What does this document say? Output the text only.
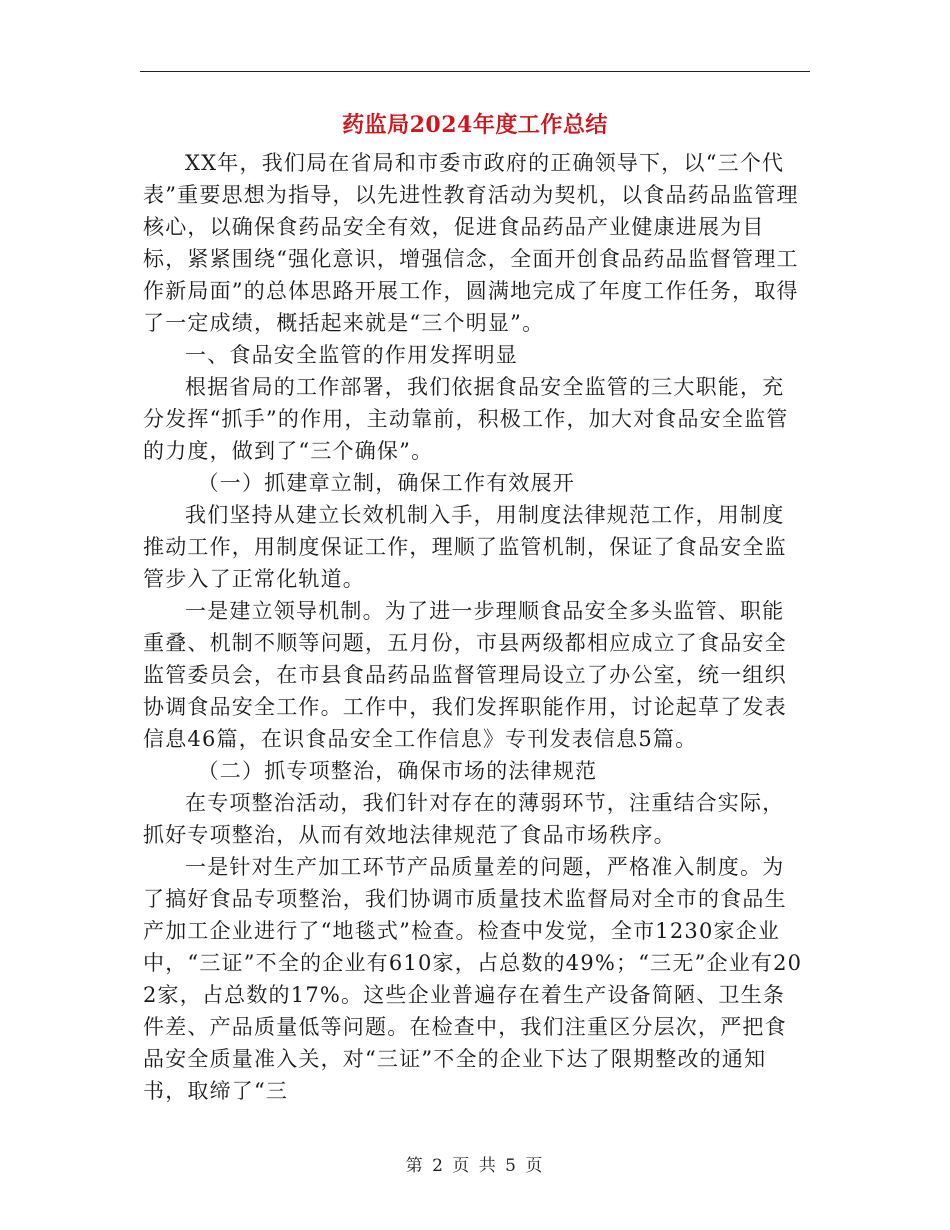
药监局2024年度工作总结

XX年，我们局在省局和市委市政府的正确领导下，以“三个代表”重要思想为指导，以先进性教育活动为契机，以食品药品监管理核心，以确保食药品安全有效，促进食品药品产业健康进展为目标，紧紧围绕“强化意识，增强信念，全面开创食品药品监督管理工作新局面”的总体思路开展工作，圆满地完成了年度工作任务，取得了一定成绩，概括起来就是“三个明显”。

一、食品安全监管的作用发挥明显

根据省局的工作部署，我们依据食品安全监管的三大职能，充分发挥“抓手”的作用，主动靠前，积极工作，加大对食品安全监管的力度，做到了“三个确保”。

（一）抓建章立制，确保工作有效展开

我们坚持从建立长效机制入手，用制度法律规范工作，用制度推动工作，用制度保证工作，理顺了监管机制，保证了食品安全监管步入了正常化轨道。

一是建立领导机制。为了进一步理顺食品安全多头监管、职能重叠、机制不顺等问题，五月份，市县两级都相应成立了食品安全监管委员会，在市县食品药品监督管理局设立了办公室，统一组织协调食品安全工作。工作中，我们发挥职能作用，讨论起草了发表信息46篇，在识食品安全工作信息》专刊发表信息5篇。

（二）抓专项整治，确保市场的法律规范

在专项整治活动，我们针对存在的薄弱环节，注重结合实际，抓好专项整治，从而有效地法律规范了食品市场秩序。

一是针对生产加工环节产品质量差的问题，严格准入制度。为了搞好食品专项整治，我们协调市质量技术监督局对全市的食品生产加工企业进行了“地毯式”检查。检查中发觉，全市1230家企业中，“三证”不全的企业有610家，占总数的49%；“三无”企业有202家，占总数的17%。这些企业普遍存在着生产设备简陋、卫生条件差、产品质量低等问题。在检查中，我们注重区分层次，严把食品安全质量准入关，对“三证”不全的企业下达了限期整改的通知书，取缔了“三

第 2 页 共 5 页
